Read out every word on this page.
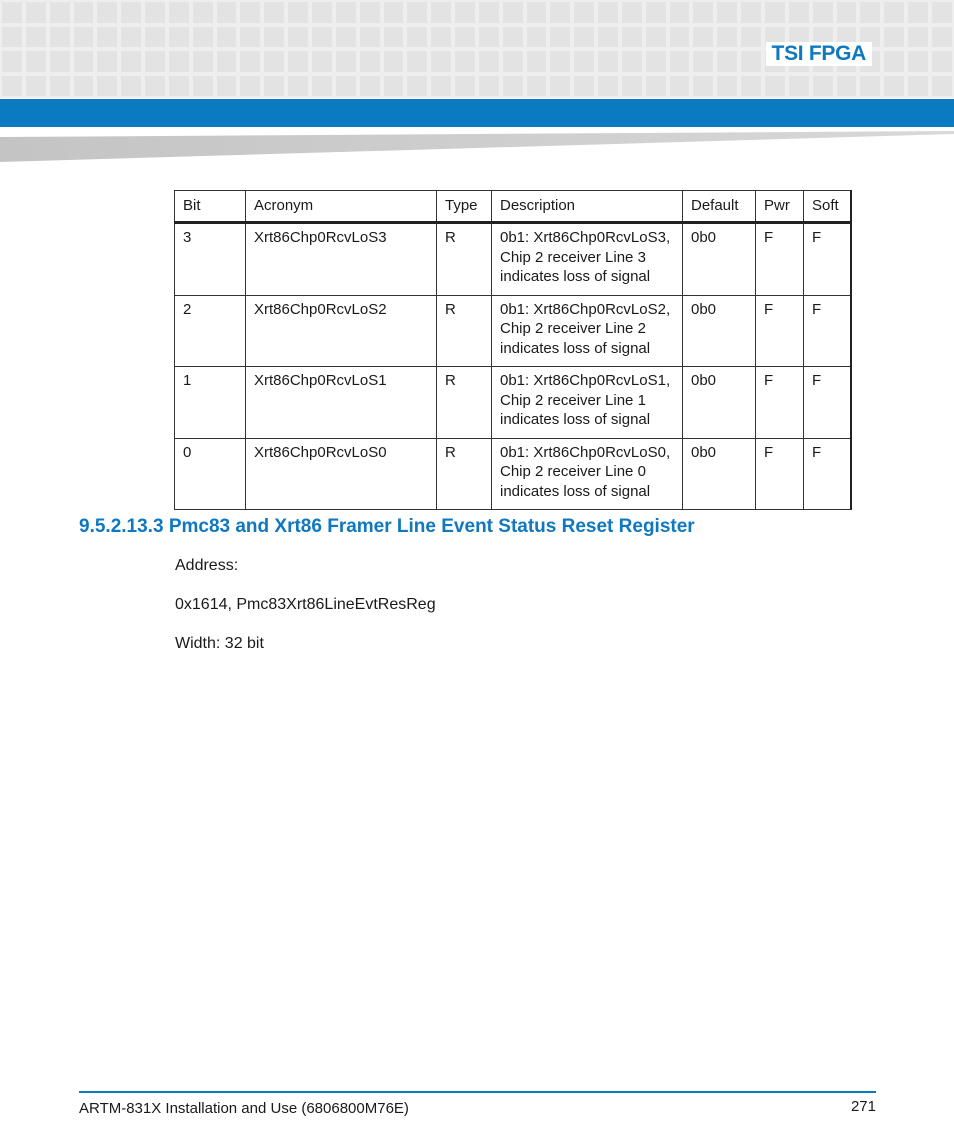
TSI FPGA
Bit	Acronym	Type	Description	Default	Pwr	Soft
3	Xrt86Chp0RcvLoS3	R	0b1: Xrt86Chp0RcvLoS3,
Chip 2 receiver Line 3
indicates loss of signal	0b0	F	F
2	Xrt86Chp0RcvLoS2	R	0b1: Xrt86Chp0RcvLoS2,
Chip 2 receiver Line 2
indicates loss of signal	0b0	F	F
1	Xrt86Chp0RcvLoS1	R	0b1: Xrt86Chp0RcvLoS1,
Chip 2 receiver Line 1
indicates loss of signal	0b0	F	F
0	Xrt86Chp0RcvLoS0	R	0b1: Xrt86Chp0RcvLoS0,
Chip 2 receiver Line 0
indicates loss of signal	0b0	F	F
9.5.2.13.3 Pmc83 and Xrt86 Framer Line Event Status Reset Register
Address:
0x1614, Pmc83Xrt86LineEvtResReg
Width: 32 bit
ARTM-831X Installation and Use (6806800M76E)	271
